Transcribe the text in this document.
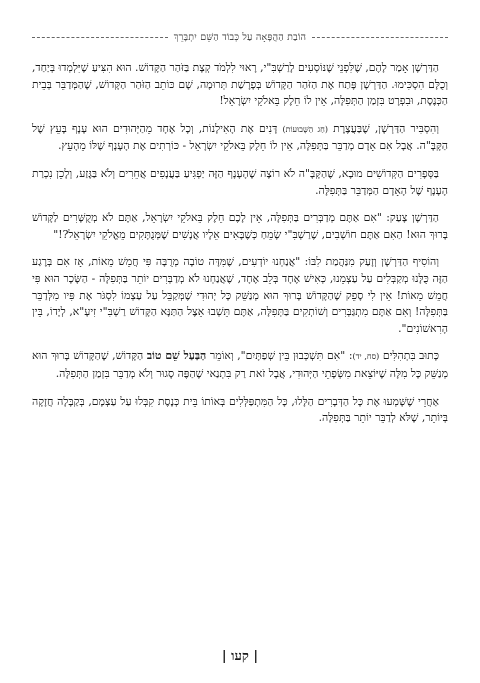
הוֹבַת הַהֲפָּאָה עַל כְּבוֹד הַשֵּׁם יִתְבָּרֵךְ

הַדַּרְשָׁן אָמַר לָהֶם, שֶׁלִּפְנֵי שֶׁנּוֹסְעִים לָרַשְׁבִּ"י, רָאוּי לִלְמֹד קְצָת בַּזֹּהַר הַקָּדוֹשׁ. הוּא הִצִּיעַ שֶׁיִּלְמְדוּ בְּיַחַד, וְכֻלָּם הִסְכִּימוּ. הַדַּרְשָׁן פָּתַח אֶת הַזֹּהַר הַקָּדוֹשׁ בְּפָרָשַׁת תְּרוּמָה, שָׁם כּוֹתֵב הַזֹּהַר הַקָּדוֹשׁ, שֶׁהַמְּדַבֵּר בְּבֵית הַכְּנֶסֶת, וּבִפְרָט בִּזְמַן הַתְּפִלָּה, אֵין לוֹ חֵלֶק בֵּאלֹקֵי יִשְׂרָאֵל!

וְהִסְבִּיר הַדַּרְשָׁן, שֶׁבַּעֲצֶרֶת (חַג הַשָּׁבוּעוֹת) דָּנִים אֶת הָאִילָנוֹת, וְכָל אֶחָד מֵהַיְּהוּדִים הוּא עָנָף בָּעֵץ שֶׁל הַקָּבָּ"ה. אֲבָל אִם אָדָם מְדַבֵּר בַּתְּפִלָּה, אֵין לוֹ חֵלֶק בֵּאלֹקֵי יִשְׂרָאֵל - כּוֹרְתִים אֶת הָעָנָף שֶׁלּוֹ מֵהָעֵץ.

בַּסְּפָרִים הַקְּדוֹשִׁים מוּבָא, שֶׁהַקָּבָּ"ה לֹא רוֹצֶה שֶׁהָעָנָף הַזֶּה יַפְגִּיעַ בַּעֲנָפִים אֲחֵרִים וְלֹא בַּגֶּזַע, וְלָכֵן נִכְרַת הָעָנָף שֶׁל הָאָדָם הַמְּדַבֵּר בַּתְּפִלָּה.

הַדַּרְשָׁן צָעַק: "אִם אַתֶּם מְדַבְּרִים בַּתְּפִלָּה, אֵין לָכֶם חֵלֶק בֵּאלֹקֵי יִשְׂרָאֵל, אַתֶּם לֹא מְקֻשָּׁרִים לַקָּדוֹשׁ בָּרוּךְ הוּא! הַאִם אַתֶּם חוֹשְׁבִים, שֶׁרַשְׁבִּ"י שָׂמֵחַ כְּשֶׁבָּאִים אֵלָיו אֲנָשִׁים שֶׁמְּנֻתָּקִים מֵאֱלֹקֵי יִשְׂרָאֵל?!"

וְהוֹסִיף הַדַּרְשָׁן וְזָעַק מִנַּהֲמַת לִבּוֹ: "אֲנַחְנוּ יוֹדְעִים, שֶׁמִּדָּה טוֹבָה מְרֻבָּה פִּי חֲמֵשׁ מֵאוֹת, אָז אִם בְּרֶגַע הַזֶּה כֻּלָּנוּ מְקַבְּלִים עַל עַצְמֵנוּ, כְּאִישׁ אֶחָד בְּלֵב אֶחָד, שֶׁאֲנַחְנוּ לֹא מְדַבְּרִים יוֹתֵר בַּתְּפִלָּה - הַשָּׂכָר הוּא פִּי חֲמֵשׁ מֵאוֹת! אֵין לִי סָפֵק שֶׁהַקָּדוֹשׁ בָּרוּךְ הוּא מְנַשֵּׁק כָּל יְהוּדִי שֶׁמְּקַבֵּל עַל עַצְמוֹ לִסְגֹּר אֶת פִּיו מִלְּדַבֵּר בַּתְּפִלָּה! וְאִם אַתֶּם מִתְגַּבְּרִים וְשׁוֹתְקִים בַּתְּפִלָּה, אַתֶּם תֵּשְׁבוּ אֵצֶל הַתַּנָּא הַקָּדוֹשׁ רַשְׁבִּ"י זִיעָ"א, לְיָדוֹ, בֵּין הָרִאשׁוֹנִים".

כָּתוּב בִּתְהִלִּים (סח, יד): "אִם תִּשְׁכְּבוּן בֵּין שְׁפַתָּיִם", וְאוֹמֵר הַבַּעַל שֵׁם טוֹב הַקָּדוֹשׁ, שֶׁהַקָּדוֹשׁ בָּרוּךְ הוּא מְנַשֵּׁק כָּל מִלָּה שֶׁיּוֹצֵאת מִשְּׂפָתֵי הַיְּהוּדִי, אֲבָל זֹאת רַק בִּתְנַאי שֶׁהַפֶּה סָגוּר וְלֹא מְדַבֵּר בִּזְמַן הַתְּפִלָּה.

אַחֲרֵי שֶׁשָּׁמְעוּ אֶת כָּל הַדְּבָרִים הַלָּלוּ, כָּל הַמִּתְפַּלְּלִים בְּאוֹתוֹ בֵּית כְּנֶסֶת קִבְּלוּ עַל עַצְמָם, בְּקַבָּלָה חֲזָקָה בְּיוֹתֵר, שֶׁלֹּא לְדַבֵּר יוֹתֵר בַּתְּפִלָּה.

| קעו |
